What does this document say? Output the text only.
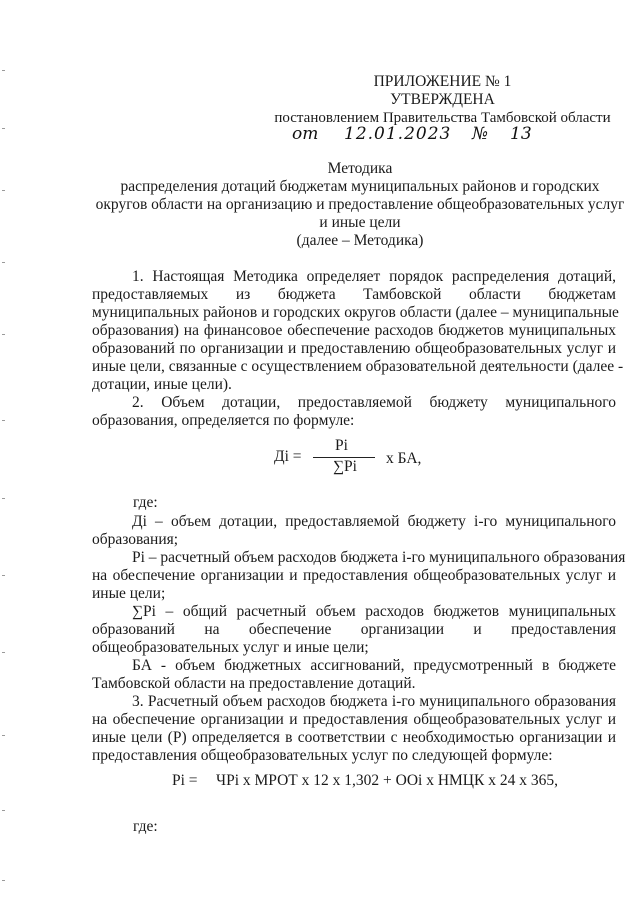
ПРИЛОЖЕНИЕ № 1
УТВЕРЖДЕНА
постановлением Правительства Тамбовской области
от 12.01.2023 № 13
Методика
распределения дотаций бюджетам муниципальных районов и городских
округов области на организацию и предоставление общеобразовательных услуг
и иные цели
(далее – Методика)
1. Настоящая Методика определяет порядок распределения дотаций,
предоставляемых из бюджета Тамбовской области бюджетам
муниципальных районов и городских округов области (далее – муниципальные
образования) на финансовое обеспечение расходов бюджетов муниципальных
образований по организации и предоставлению общеобразовательных услуг и
иные цели, связанные с осуществлением образовательной деятельности (далее -
дотации, иные цели).
2. Объем дотации, предоставляемой бюджету муниципального
образования, определяется по формуле:
Дi =
Pi
∑Pi x БА,
где:
Дi – объем дотации, предоставляемой бюджету i-го муниципального
образования;
Pi – расчетный объем расходов бюджета i-го муниципального образования
на обеспечение организации и предоставления общеобразовательных услуг и
иные цели;
∑Pi – общий расчетный объем расходов бюджетов муниципальных
образований на обеспечение организации и предоставления
общеобразовательных услуг и иные цели;
БА - объем бюджетных ассигнований, предусмотренный в бюджете
Тамбовской области на предоставление дотаций.
3. Расчетный объем расходов бюджета i-го муниципального образования
на обеспечение организации и предоставления общеобразовательных услуг и
иные цели (P) определяется в соответствии с необходимостью организации и
предоставления общеобразовательных услуг по следующей формуле:
Pi = ЧPi x МРОТ x 12 x 1,302 + ООi x НМЦК x 24 x 365,
где:
